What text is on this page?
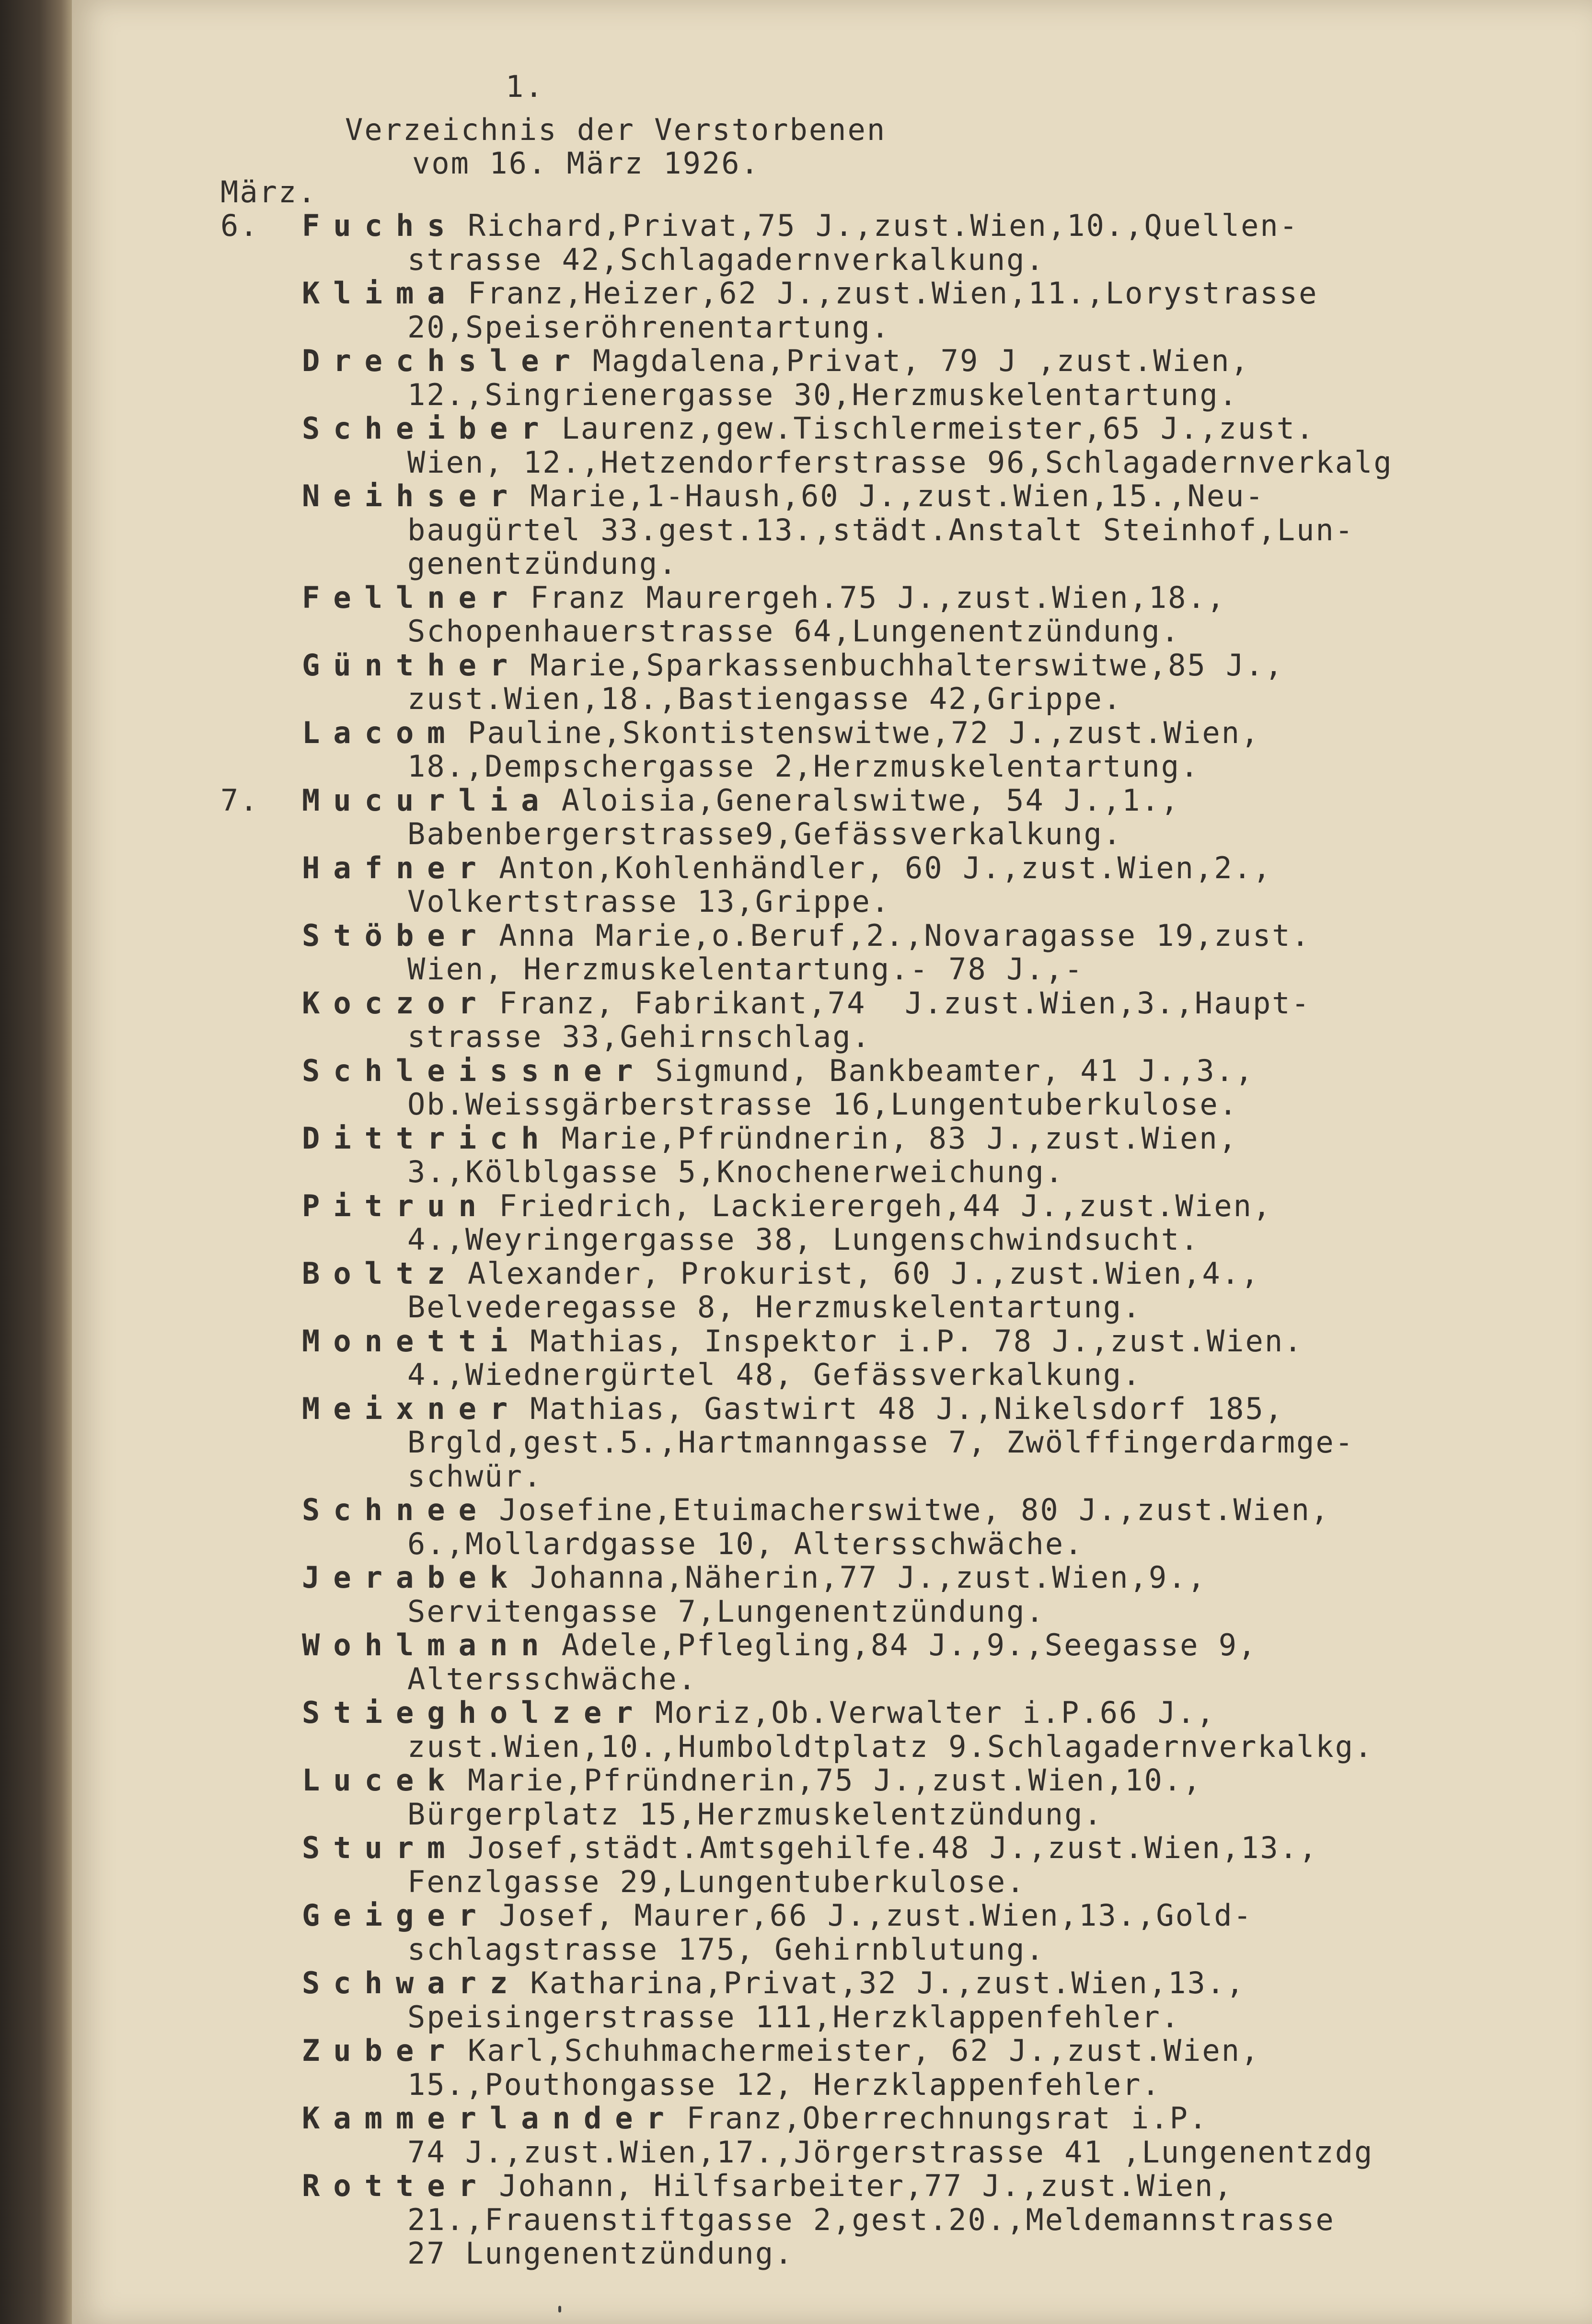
1.

Verzeichnis der Verstorbenen

vom 16. März 1926.

März.

6. Fuchs Richard,Privat,75 J.,zust.Wien,10.,Quellen-
strasse 42,Schlagadernverkalkung.
Klima Franz,Heizer,62 J.,zust.Wien,11.,Lorystrasse
20,Speiseröhrenentartung.
Drechsler Magdalena,Privat, 79 J ,zust.Wien,
12.,Singrienergasse 30,Herzmuskelentartung.
Scheiber Laurenz,gew.Tischlermeister,65 J.,zust.
Wien, 12.,Hetzendorferstrasse 96,Schlagadernverkalg
Neihser Marie,1-Haush,60 J.,zust.Wien,15.,Neu-
baugürtel 33.gest.13.,städt.Anstalt Steinhof,Lun-
genentzündung.
Fellner Franz Maurergeh.75 J.,zust.Wien,18.,
Schopenhauerstrasse 64,Lungenentzündung.
Günther Marie,Sparkassenbuchhalterswitwe,85 J.,
zust.Wien,18.,Bastiengasse 42,Grippe.
Lacom Pauline,Skontistenswitwe,72 J.,zust.Wien,
18.,Dempschergasse 2,Herzmuskelentartung.
7. Mucurlia Aloisia,Generalswitwe, 54 J.,1.,
Babenbergerstrasse9,Gefässverkalkung.
Hafner Anton,Kohlenhändler, 60 J.,zust.Wien,2.,
Volkertstrasse 13,Grippe.
Stöber Anna Marie,o.Beruf,2.,Novaragasse 19,zust.
Wien, Herzmuskelentartung.- 78 J.,-
Koczor Franz, Fabrikant,74  J.zust.Wien,3.,Haupt-
strasse 33,Gehirnschlag.
Schleissner Sigmund, Bankbeamter, 41 J.,3.,
Ob.Weissgärberstrasse 16,Lungentuberkulose.
Dittrich Marie,Pfründnerin, 83 J.,zust.Wien,
3.,Kölblgasse 5,Knochenerweichung.
Pitrun Friedrich, Lackierergeh,44 J.,zust.Wien,
4.,Weyringergasse 38, Lungenschwindsucht.
Boltz Alexander, Prokurist, 60 J.,zust.Wien,4.,
Belvederegasse 8, Herzmuskelentartung.
Monetti Mathias, Inspektor i.P. 78 J.,zust.Wien.
4.,Wiednergürtel 48, Gefässverkalkung.
Meixner Mathias, Gastwirt 48 J.,Nikelsdorf 185,
Brgld,gest.5.,Hartmanngasse 7, Zwölffingerdarmge-
schwür.
Schnee Josefine,Etuimacherswitwe, 80 J.,zust.Wien,
6.,Mollardgasse 10, Altersschwäche.
Jerabek Johanna,Näherin,77 J.,zust.Wien,9.,
Servitengasse 7,Lungenentzündung.
Wohlmann Adele,Pflegling,84 J.,9.,Seegasse 9,
Altersschwäche.
Stiegholzer Moriz,Ob.Verwalter i.P.66 J.,
zust.Wien,10.,Humboldtplatz 9.Schlagadernverkalkg.
Lucek Marie,Pfründnerin,75 J.,zust.Wien,10.,
Bürgerplatz 15,Herzmuskelentzündung.
Sturm Josef,städt.Amtsgehilfe.48 J.,zust.Wien,13.,
Fenzlgasse 29,Lungentuberkulose.
Geiger Josef, Maurer,66 J.,zust.Wien,13.,Gold-
schlagstrasse 175, Gehirnblutung.
Schwarz Katharina,Privat,32 J.,zust.Wien,13.,
Speisingerstrasse 111,Herzklappenfehler.
Zuber Karl,Schuhmachermeister, 62 J.,zust.Wien,
15.,Pouthongasse 12, Herzklappenfehler.
Kammerlander Franz,Oberrechnungsrat i.P.
74 J.,zust.Wien,17.,Jörgerstrasse 41 ,Lungenentzdg
Rotter Johann, Hilfsarbeiter,77 J.,zust.Wien,
21.,Frauenstiftgasse 2,gest.20.,Meldemannstrasse
27 Lungenentzündung.
